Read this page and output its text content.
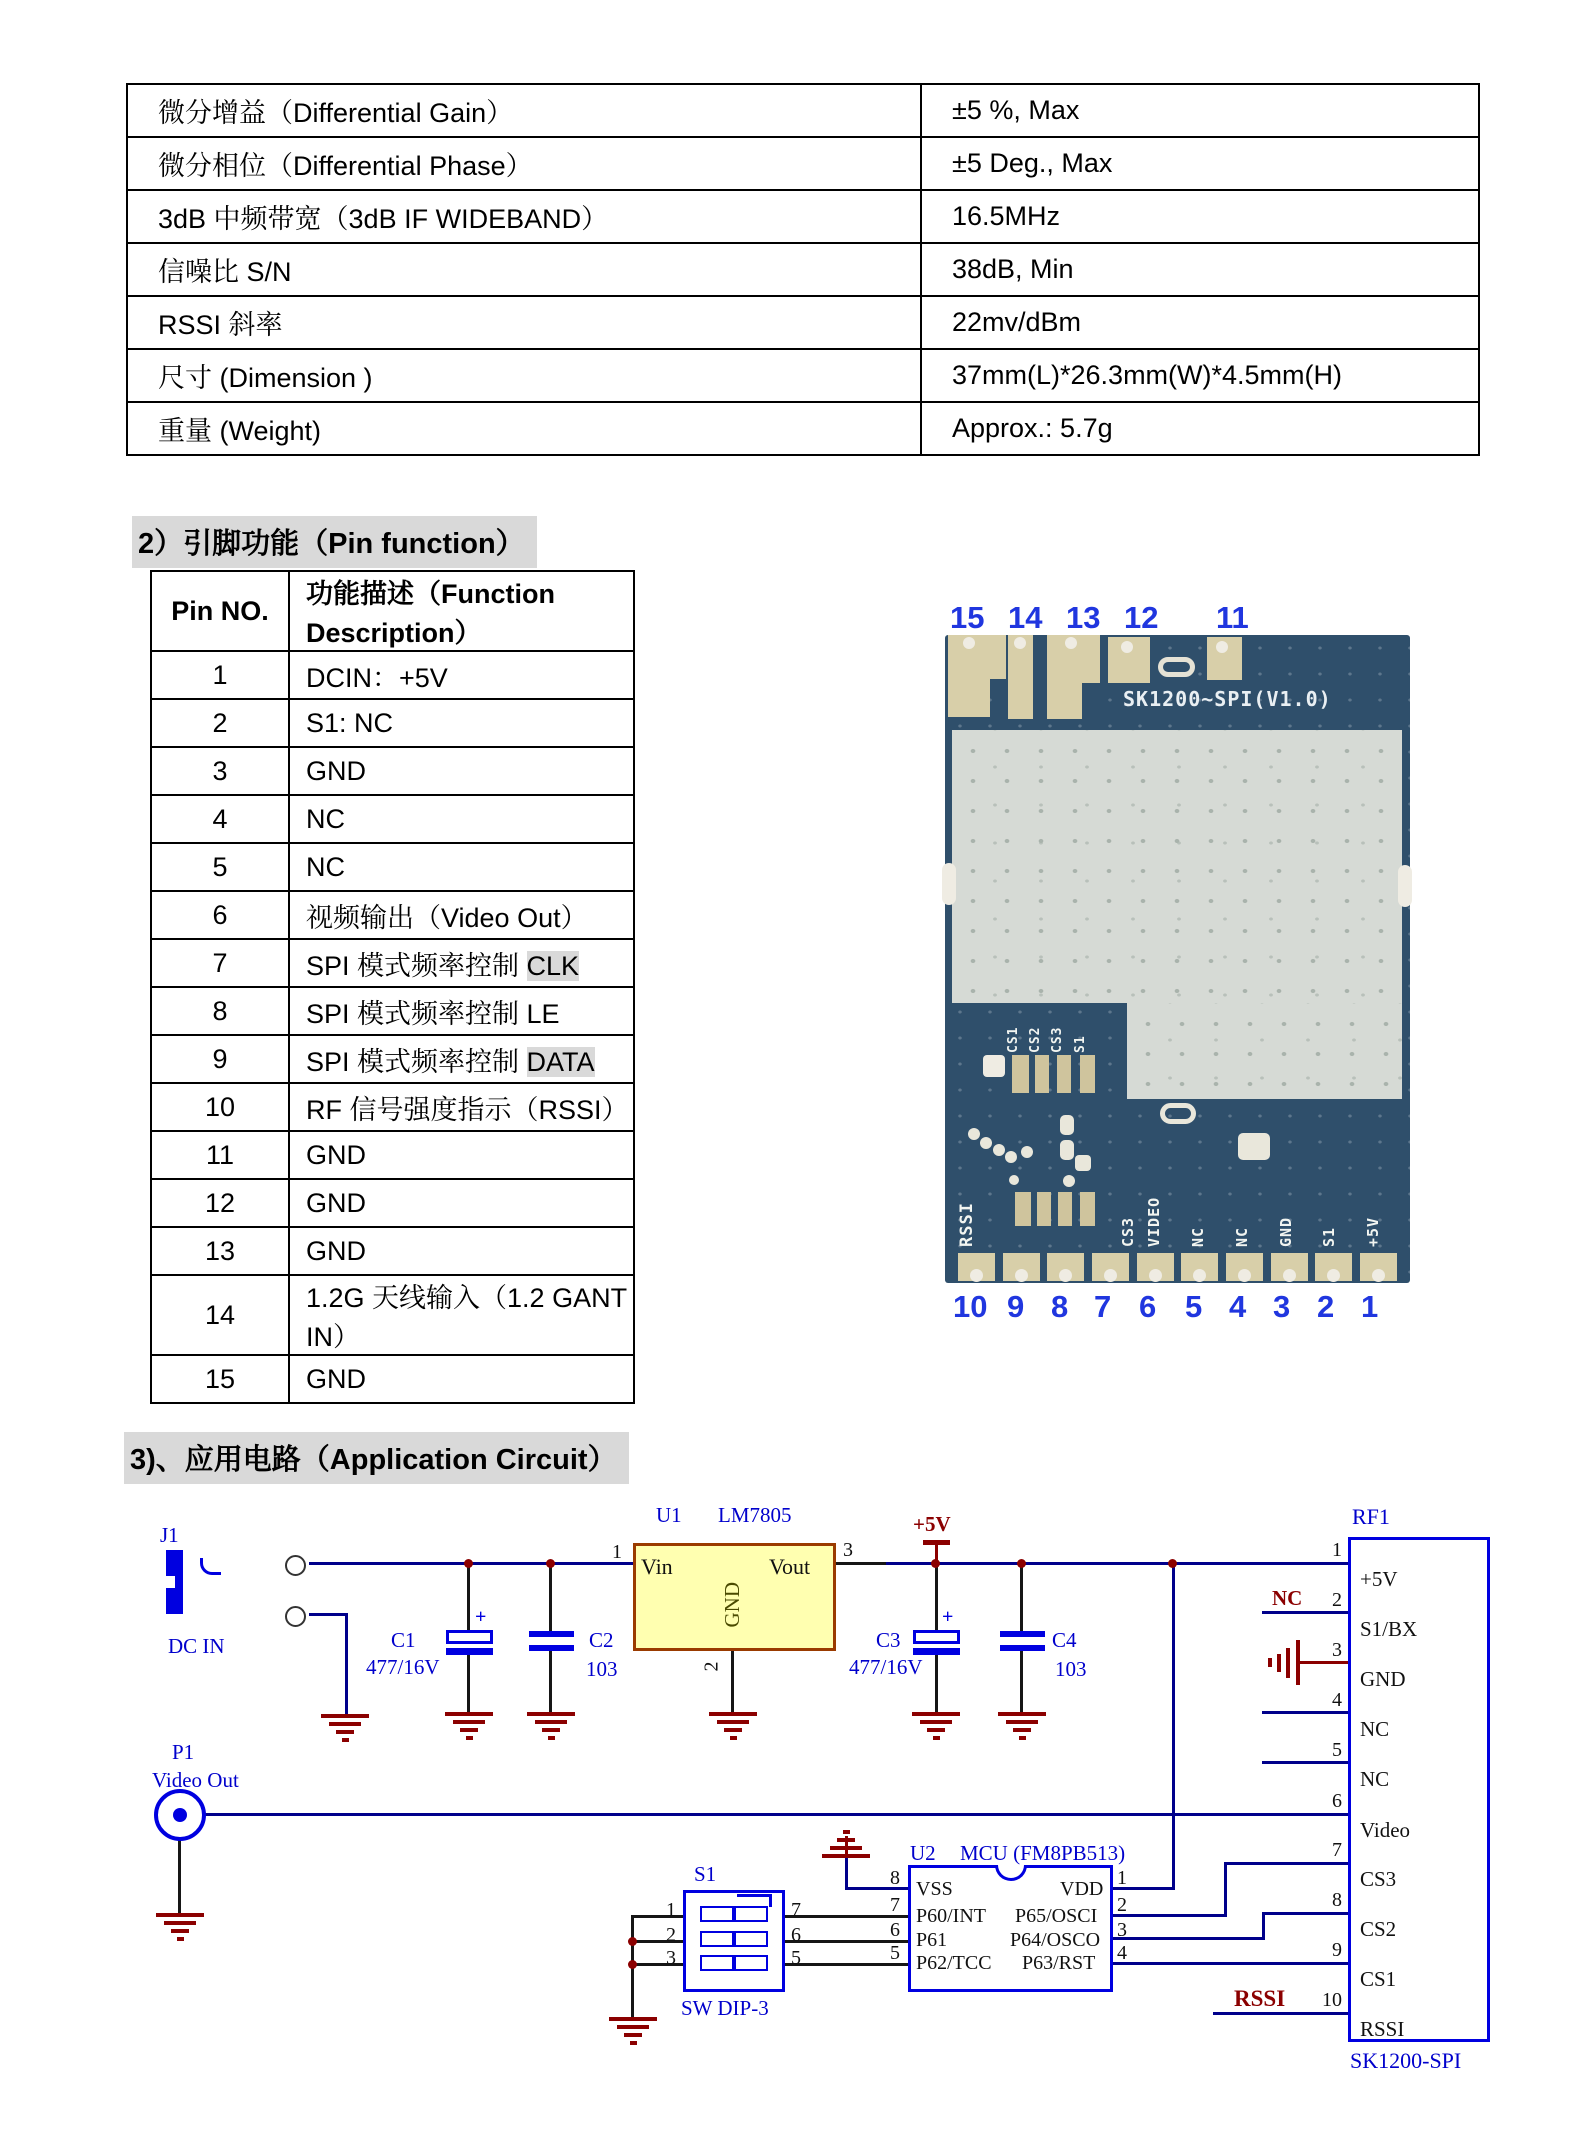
微分增益（Differential Gain）	±5 %, Max
微分相位（Differential Phase）	±5 Deg., Max
3dB 中频带宽（3dB IF WIDEBAND）	16.5MHz
信噪比 S/N	38dB, Min
RSSI 斜率	22mv/dBm
尺寸 (Dimension )	37mm(L)*26.3mm(W)*4.5mm(H)
重量 (Weight)	Approx.: 5.7g
2）引脚功能（Pin function）
Pin NO.	功能描述（Function Description）
1	DCIN：+5V
2	S1: NC
3	GND
4	NC
5	NC
6	视频输出（Video Out）
7	SPI 模式频率控制 CLK
8	SPI 模式频率控制 LE
9	SPI 模式频率控制 DATA
10	RF 信号强度指示（RSSI）
11	GND
12	GND
13	GND
14	1.2G 天线输入（1.2 GANT IN）
15	GND
15 14 13 12 11
SK1200~SPI(V1.0)
CS1 CS2 CS3 S1
RSSI	CS3 VIDEO NC NC GND S1 +5V
10 9 8 7 6 5 4 3 2 1
3)、应用电路（Application Circuit）
J1
DC IN
P1
Video Out
U1 LM7805
1	3
Vin	Vout
GND
2
+5V
+
C1
477/16V
C2
103
+
C3
477/16V
C4
103
S1
SW DIP-3
1
2
3
7
6
5
U2 MCU (FM8PB513)
8
7
6
5
VSS
P60/INT
P61
P62/TCC
1
2
3
4
VDD
P65/OSCI
P64/OSCO
P63/RST
RF1
SK1200-SPI
1
2
3
4
5
6
7
8
9
10
+5V
S1/BX
GND
NC
NC
Video
CS3
CS2
CS1
RSSI
NC
RSSI
